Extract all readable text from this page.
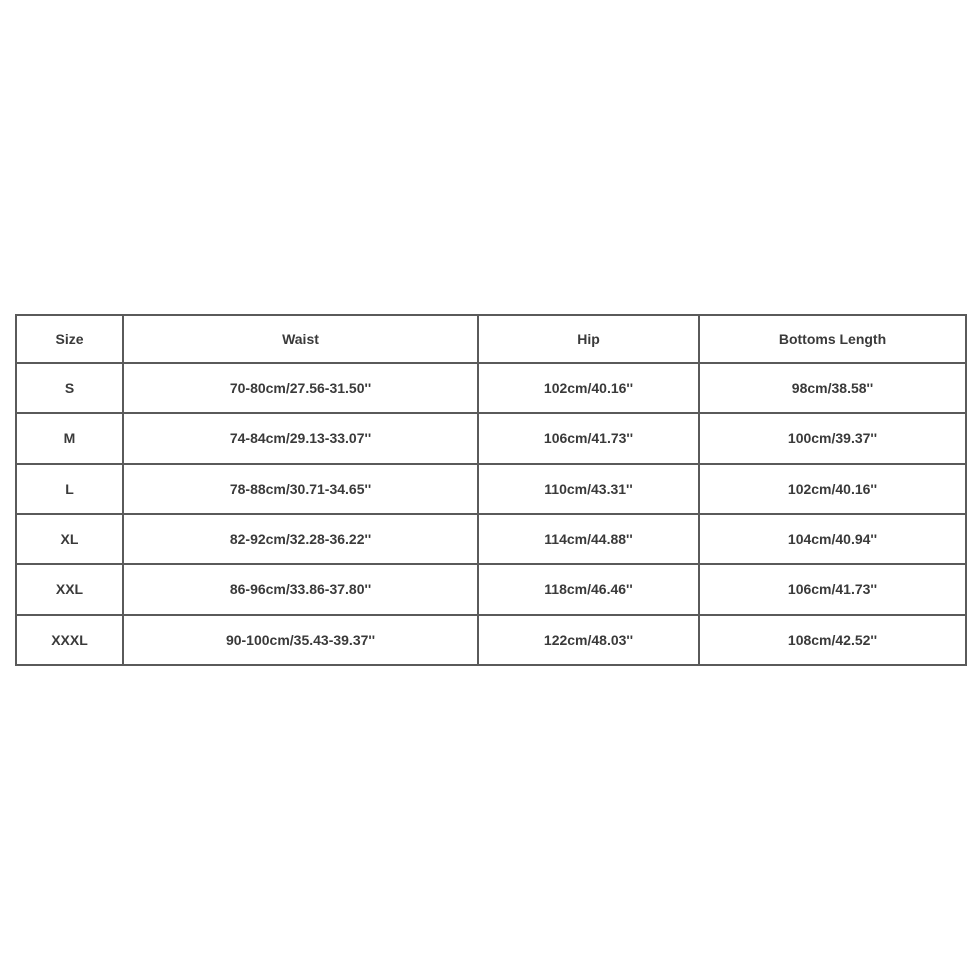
Size	Waist	Hip	Bottoms Length
S	70-80cm/27.56-31.50''	102cm/40.16''	98cm/38.58''
M	74-84cm/29.13-33.07''	106cm/41.73''	100cm/39.37''
L	78-88cm/30.71-34.65''	110cm/43.31''	102cm/40.16''
XL	82-92cm/32.28-36.22''	114cm/44.88''	104cm/40.94''
XXL	86-96cm/33.86-37.80''	118cm/46.46''	106cm/41.73''
XXXL	90-100cm/35.43-39.37''	122cm/48.03''	108cm/42.52''
